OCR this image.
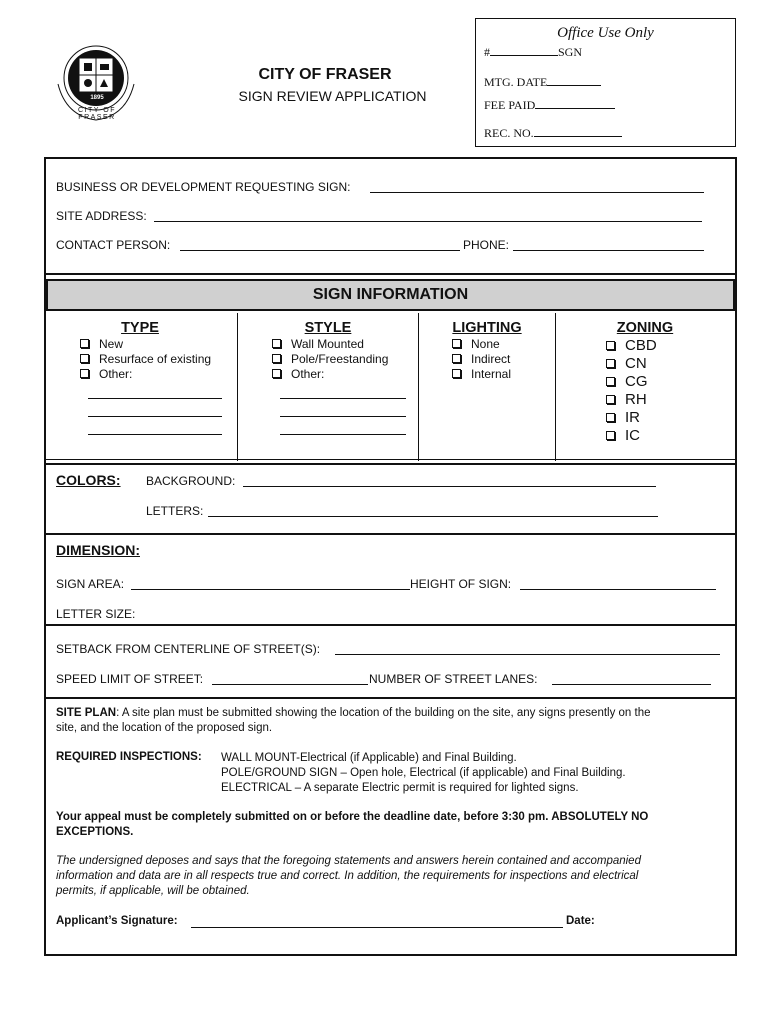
1895
CITY OF FRASER
CITY OF FRASER
SIGN REVIEW APPLICATION
Office Use Only
#	SGN
MTG. DATE
FEE PAID
REC. NO.
BUSINESS OR DEVELOPMENT REQUESTING SIGN:
SITE ADDRESS:
CONTACT PERSON:	PHONE:
SIGN INFORMATION
TYPE
New
Resurface of existing
Other:
STYLE
Wall Mounted
Pole/Freestanding
Other:
LIGHTING
None
Indirect
Internal
ZONING
CBD
CN
CG
RH
IR
IC
COLORS: BACKGROUND:
LETTERS:
DIMENSION:
SIGN AREA:	HEIGHT OF SIGN:
LETTER SIZE:
SETBACK FROM CENTERLINE OF STREET(S):
SPEED LIMIT OF STREET:	NUMBER OF STREET LANES:
SITE PLAN: A site plan must be submitted showing the location of the building on the site, any signs presently on the
site, and the location of the proposed sign.
REQUIRED INSPECTIONS: WALL MOUNT-Electrical (if Applicable) and Final Building.
POLE/GROUND SIGN – Open hole, Electrical (if applicable) and Final Building.
ELECTRICAL – A separate Electric permit is required for lighted signs.
Your appeal must be completely submitted on or before the deadline date, before 3:30 pm. ABSOLUTELY NO
EXCEPTIONS.
The undersigned deposes and says that the foregoing statements and answers herein contained and accompanied
information and data are in all respects true and correct. In addition, the requirements for inspections and electrical
permits, if applicable, will be obtained.
Applicant’s Signature:	Date:
